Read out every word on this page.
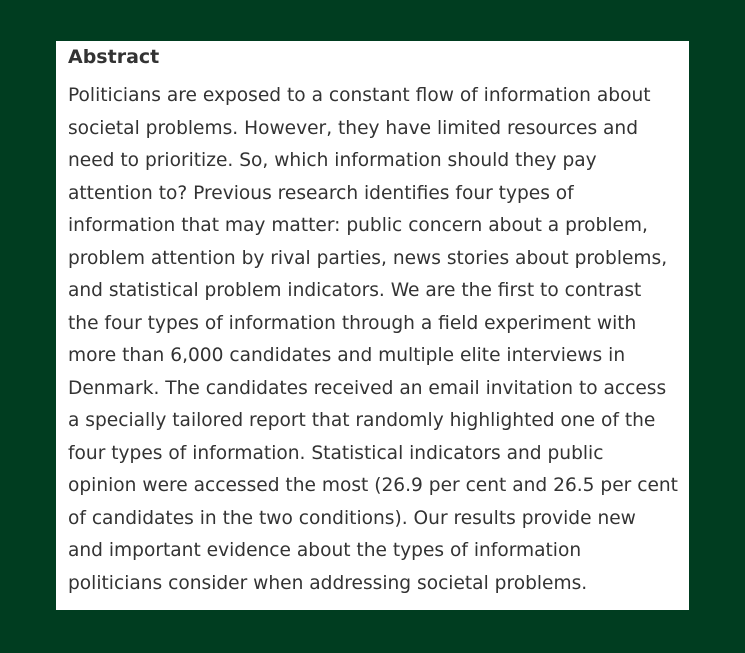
Abstract

Politicians are exposed to a constant flow of information about
societal problems. However, they have limited resources and
need to prioritize. So, which information should they pay
attention to? Previous research identifies four types of
information that may matter: public concern about a problem,
problem attention by rival parties, news stories about problems,
and statistical problem indicators. We are the first to contrast
the four types of information through a field experiment with
more than 6,000 candidates and multiple elite interviews in
Denmark. The candidates received an email invitation to access
a specially tailored report that randomly highlighted one of the
four types of information. Statistical indicators and public
opinion were accessed the most (26.9 per cent and 26.5 per cent
of candidates in the two conditions). Our results provide new
and important evidence about the types of information
politicians consider when addressing societal problems.
